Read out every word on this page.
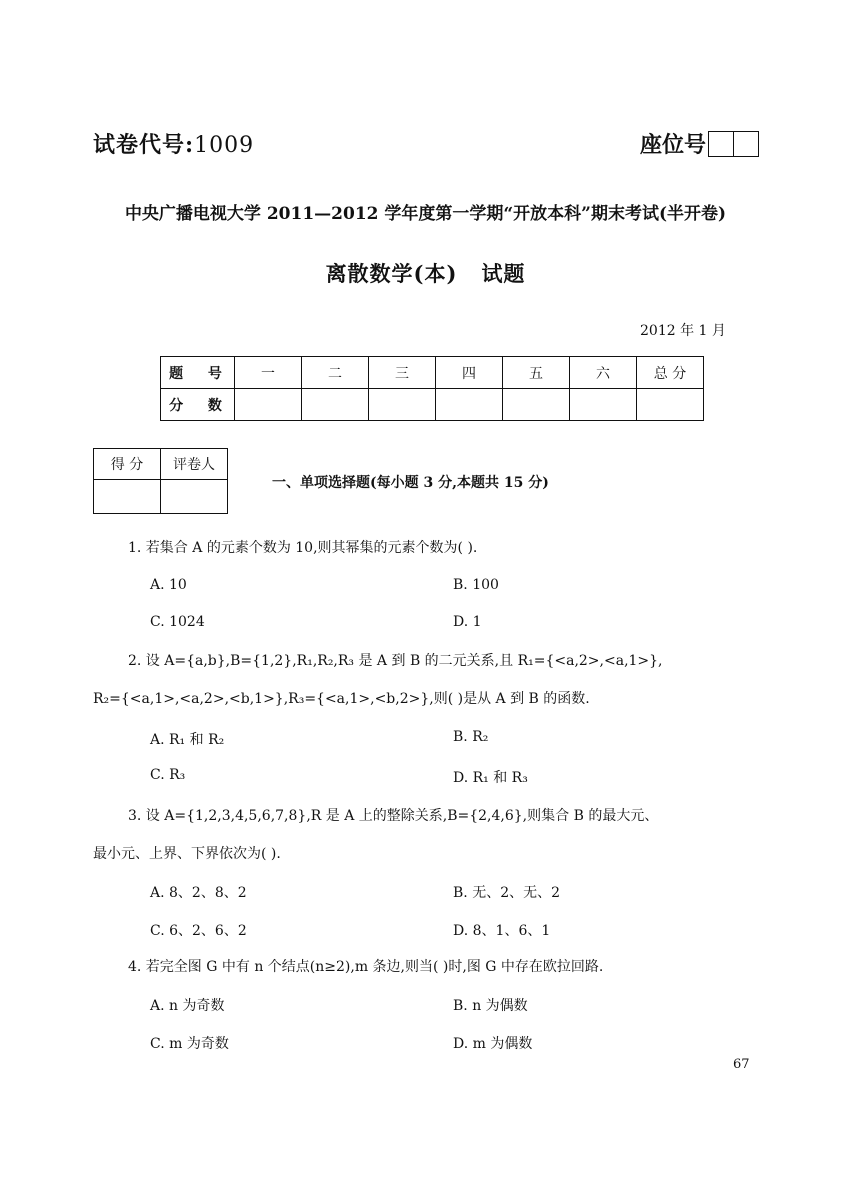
试卷代号:1009	座位号
中央广播电视大学 2011—2012 学年度第一学期“开放本科”期末考试(半开卷)
离散数学(本) 试题
2012 年 1 月
题 号	一	二	三	四	五	六	总 分
分 数							
得 分	评卷人

一、单项选择题(每小题 3 分,本题共 15 分)
1. 若集合 A 的元素个数为 10,则其幂集的元素个数为( ).
A. 10	B. 100
C. 1024	D. 1
2. 设 A={a,b},B={1,2},R₁,R₂,R₃ 是 A 到 B 的二元关系,且 R₁={<a,2>,<a,1>},
R₂={<a,1>,<a,2>,<b,1>},R₃={<a,1>,<b,2>},则( )是从 A 到 B 的函数.
A. R₁ 和 R₂	B. R₂
C. R₃	D. R₁ 和 R₃
3. 设 A={1,2,3,4,5,6,7,8},R 是 A 上的整除关系,B={2,4,6},则集合 B 的最大元、
最小元、上界、下界依次为( ).
A. 8、2、8、2	B. 无、2、无、2
C. 6、2、6、2	D. 8、1、6、1
4. 若完全图 G 中有 n 个结点(n≥2),m 条边,则当( )时,图 G 中存在欧拉回路.
A. n 为奇数	B. n 为偶数
C. m 为奇数	D. m 为偶数
67
